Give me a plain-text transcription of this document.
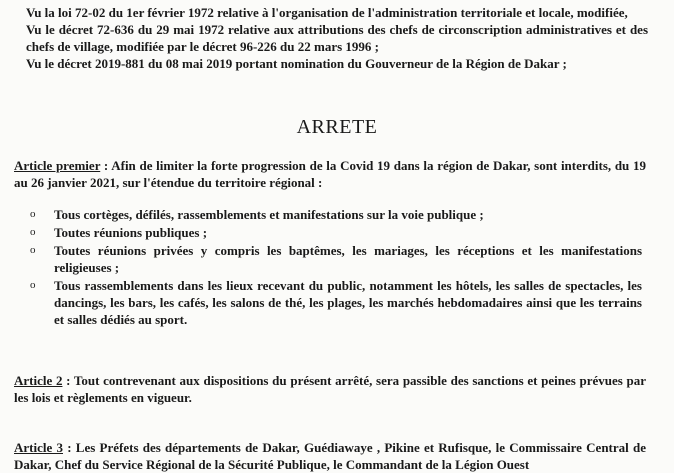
Vu la loi 72-02 du 1er février 1972 relative à l'organisation de l'administration territoriale et locale, modifiée,

Vu le décret 72-636 du 29 mai 1972 relative aux attributions des chefs de circonscription administratives et des chefs de village, modifiée par le décret 96-226 du 22 mars 1996 ;

Vu le décret 2019-881 du 08 mai 2019 portant nomination du Gouverneur de la Région de Dakar ;

ARRETE

Article premier : Afin de limiter la forte progression de la Covid 19 dans la région de Dakar, sont interdits, du 19 au 26 janvier 2021, sur l'étendue du territoire régional :

o Tous cortèges, défilés, rassemblements et manifestations sur la voie publique ;
o Toutes réunions publiques ;
o Toutes réunions privées y compris les baptêmes, les mariages, les réceptions et les manifestations religieuses ;
o Tous rassemblements dans les lieux recevant du public, notamment les hôtels, les salles de spectacles, les dancings, les bars, les cafés, les salons de thé, les plages, les marchés hebdomadaires ainsi que les terrains et salles dédiés au sport.

Article 2 : Tout contrevenant aux dispositions du présent arrêté, sera passible des sanctions et peines prévues par les lois et règlements en vigueur.

Article 3 : Les Préfets des départements de Dakar, Guédiawaye , Pikine et Rufisque, le Commissaire Central de Dakar, Chef du Service Régional de la Sécurité Publique, le Commandant de la Légion Ouest
